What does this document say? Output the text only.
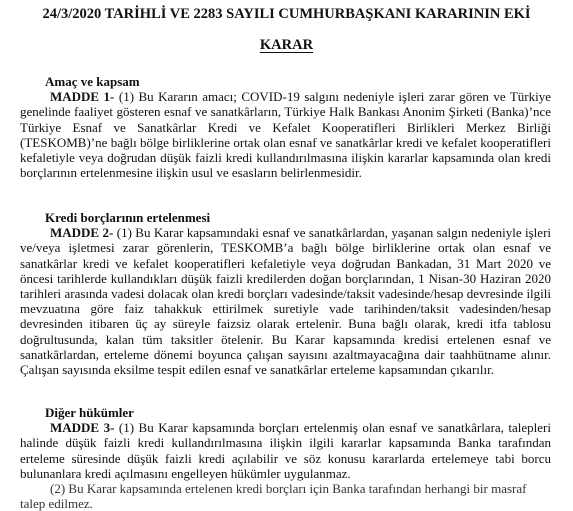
24/3/2020 TARİHLİ VE 2283 SAYILI CUMHURBAŞKANI KARARININ EKİ
KARAR
Amaç ve kapsam

MADDE 1- (1) Bu Kararın amacı; COVID-19 salgını nedeniyle işleri zarar gören ve Türkiye genelinde faaliyet gösteren esnaf ve sanatkârların, Türkiye Halk Bankası Anonim Şirketi (Banka)’nce Türkiye Esnaf ve Sanatkârlar Kredi ve Kefalet Kooperatifleri Birlikleri Merkez Birliği (TESKOMB)’ne bağlı bölge birliklerine ortak olan esnaf ve sanatkârlar kredi ve kefalet kooperatifleri kefaletiyle veya doğrudan düşük faizli kredi kullandırılmasına ilişkin kararlar kapsamında olan kredi borçlarının ertelenmesine ilişkin usul ve esasların belirlenmesidir.

Kredi borçlarının ertelenmesi

MADDE 2- (1) Bu Karar kapsamındaki esnaf ve sanatkârlardan, yaşanan salgın nedeniyle işleri ve/veya işletmesi zarar görenlerin, TESKOMB’a bağlı bölge birliklerine ortak olan esnaf ve sanatkârlar kredi ve kefalet kooperatifleri kefaletiyle veya doğrudan Bankadan, 31 Mart 2020 ve öncesi tarihlerde kullandıkları düşük faizli kredilerden doğan borçlarından, 1 Nisan-30 Haziran 2020 tarihleri arasında vadesi dolacak olan kredi borçları vadesinde/taksit vadesinde/hesap devresinde ilgili mevzuatına göre faiz tahakkuk ettirilmek suretiyle vade tarihinden/taksit vadesinden/hesap devresinden itibaren üç ay süreyle faizsiz olarak ertelenir. Buna bağlı olarak, kredi itfa tablosu doğrultusunda, kalan tüm taksitler ötelenir. Bu Karar kapsamında kredisi ertelenen esnaf ve sanatkârlardan, erteleme dönemi boyunca çalışan sayısını azaltmayacağına dair taahhütname alınır. Çalışan sayısında eksilme tespit edilen esnaf ve sanatkârlar erteleme kapsamından çıkarılır.

Diğer hükümler

MADDE 3- (1) Bu Karar kapsamında borçları ertelenmiş olan esnaf ve sanatkârlara, talepleri halinde düşük faizli kredi kullandırılmasına ilişkin ilgili kararlar kapsamında Banka tarafından erteleme süresinde düşük faizli kredi açılabilir ve söz konusu kararlarda ertelemeye tabi borcu bulunanlara kredi açılmasını engelleyen hükümler uygulanmaz.

(2) Bu Karar kapsamında ertelenen kredi borçları için Banka tarafından herhangi bir masraf talep edilmez.
